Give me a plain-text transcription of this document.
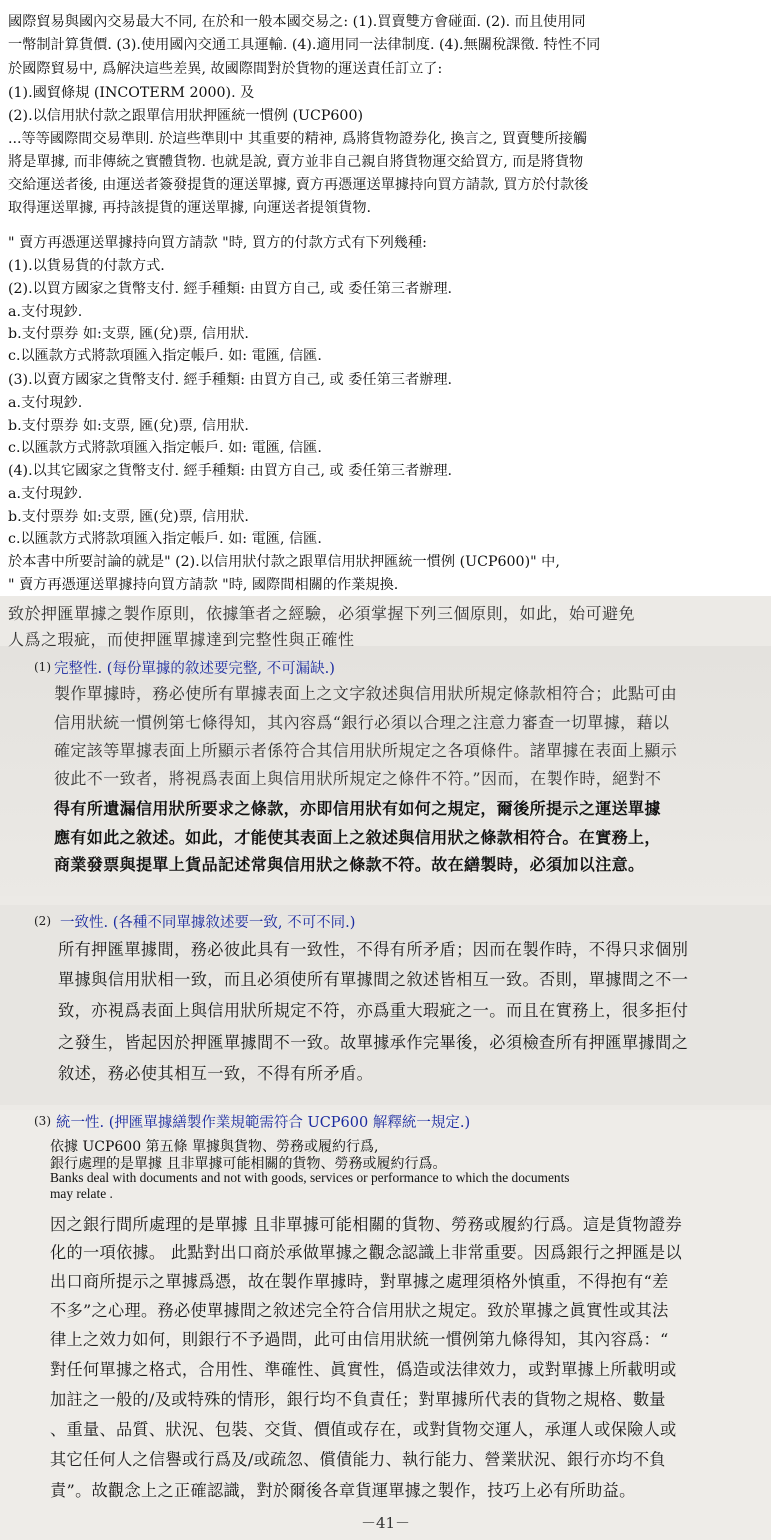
國際貿易與國內交易最大不同, 在於和一般本國交易之: (1).買賣雙方會碰面. (2). 而且使用同
一幣制計算貨價. (3).使用國內交通工具運輸. (4).適用同一法律制度. (4).無關稅課徵. 特性不同
於國際貿易中, 爲解決這些差異, 故國際間對於貨物的運送責任訂立了:
(1).國貿條規 (INCOTERM 2000). 及
(2).以信用狀付款之跟單信用狀押匯統一慣例 (UCP600)
...等等國際間交易準則. 於這些準則中 其重要的精神, 爲將貨物證券化, 換言之, 買賣雙所接觸
將是單據, 而非傳統之實體貨物. 也就是說, 賣方並非自己親自將貨物運交給買方, 而是將貨物
交給運送者後, 由運送者簽發提貨的運送單據, 賣方再憑運送單據持向買方請款, 買方於付款後
取得運送單據, 再持該提貨的運送單據, 向運送者提領貨物.
" 賣方再憑運送單據持向買方請款 "時, 買方的付款方式有下列幾種:
(1).以貨易貨的付款方式.
(2).以買方國家之貨幣支付. 經手種類: 由買方自己, 或 委任第三者辦理.
a.支付現鈔.
b.支付票券 如:支票, 匯(兌)票, 信用狀.
c.以匯款方式將款項匯入指定帳戶. 如: 電匯, 信匯.
(3).以賣方國家之貨幣支付. 經手種類: 由買方自己, 或 委任第三者辦理.
a.支付現鈔.
b.支付票券 如:支票, 匯(兌)票, 信用狀.
c.以匯款方式將款項匯入指定帳戶. 如: 電匯, 信匯.
(4).以其它國家之貨幣支付. 經手種類: 由買方自己, 或 委任第三者辦理.
a.支付現鈔.
b.支付票券 如:支票, 匯(兌)票, 信用狀.
c.以匯款方式將款項匯入指定帳戶. 如: 電匯, 信匯.
於本書中所要討論的就是" (2).以信用狀付款之跟單信用狀押匯統一慣例 (UCP600)" 中,
" 賣方再憑運送單據持向買方請款 "時, 國際間相關的作業規換.
致於押匯單據之製作原則，依據筆者之經驗，必須掌握下列三個原則，如此，始可避免
人爲之瑕疵，而使押匯單據達到完整性與正確性
(1) 完整性. (每份單據的敘述要完整, 不可漏缺.)
製作單據時，務必使所有單據表面上之文字敘述與信用狀所規定條款相符合；此點可由
信用狀統一慣例第七條得知，其內容爲“銀行必須以合理之注意力審查一切單據，藉以
確定該等單據表面上所顯示者係符合其信用狀所規定之各項條件。諸單據在表面上顯示
彼此不一致者，將視爲表面上與信用狀所規定之條件不符。”因而，在製作時，絕對不
得有所遺漏信用狀所要求之條款，亦即信用狀有如何之規定，爾後所提示之運送單據
應有如此之敘述。如此，才能使其表面上之敘述與信用狀之條款相符合。在實務上，
商業發票與提單上貨品記述常與信用狀之條款不符。故在繕製時，必須加以注意。
(2) 一致性. (各種不同單據敘述要一致, 不可不同.)
所有押匯單據間，務必彼此具有一致性，不得有所矛盾；因而在製作時，不得只求個別
單據與信用狀相一致，而且必須使所有單據間之敘述皆相互一致。否則，單據間之不一
致，亦視爲表面上與信用狀所規定不符，亦爲重大瑕疵之一。而且在實務上，很多拒付
之發生，皆起因於押匯單據間不一致。故單據承作完畢後，必須檢查所有押匯單據間之
敘述，務必使其相互一致，不得有所矛盾。
(3) 統一性. (押匯單據繕製作業規範需符合 UCP600 解釋統一規定.)
依據 UCP600 第五條 單據與貨物、勞務或履約行爲,
銀行處理的是單據 且非單據可能相關的貨物、勞務或履約行爲。
Banks deal with documents and not with goods, services or performance to which the documents
may relate .
因之銀行間所處理的是單據 且非單據可能相關的貨物、勞務或履約行爲。這是貨物證券
化的一項依據。 此點對出口商於承做單據之觀念認識上非常重要。因爲銀行之押匯是以
出口商所提示之單據爲憑，故在製作單據時，對單據之處理須格外慎重，不得抱有“差
不多”之心理。務必使單據間之敘述完全符合信用狀之規定。致於單據之眞實性或其法
律上之效力如何，則銀行不予過問，此可由信用狀統一慣例第九條得知，其內容爲：“
對任何單據之格式，合用性、準確性、眞實性，僞造或法律效力，或對單據上所載明或
加註之一般的/及或特殊的情形，銀行均不負責任；對單據所代表的貨物之規格、數量
、重量、品質、狀況、包裝、交貨、價值或存在，或對貨物交運人，承運人或保險人或
其它任何人之信譽或行爲及/或疏忽、償債能力、執行能力、營業狀況、銀行亦均不負
責”。故觀念上之正確認識，對於爾後各章貨運單據之製作，技巧上必有所助益。
－41－
